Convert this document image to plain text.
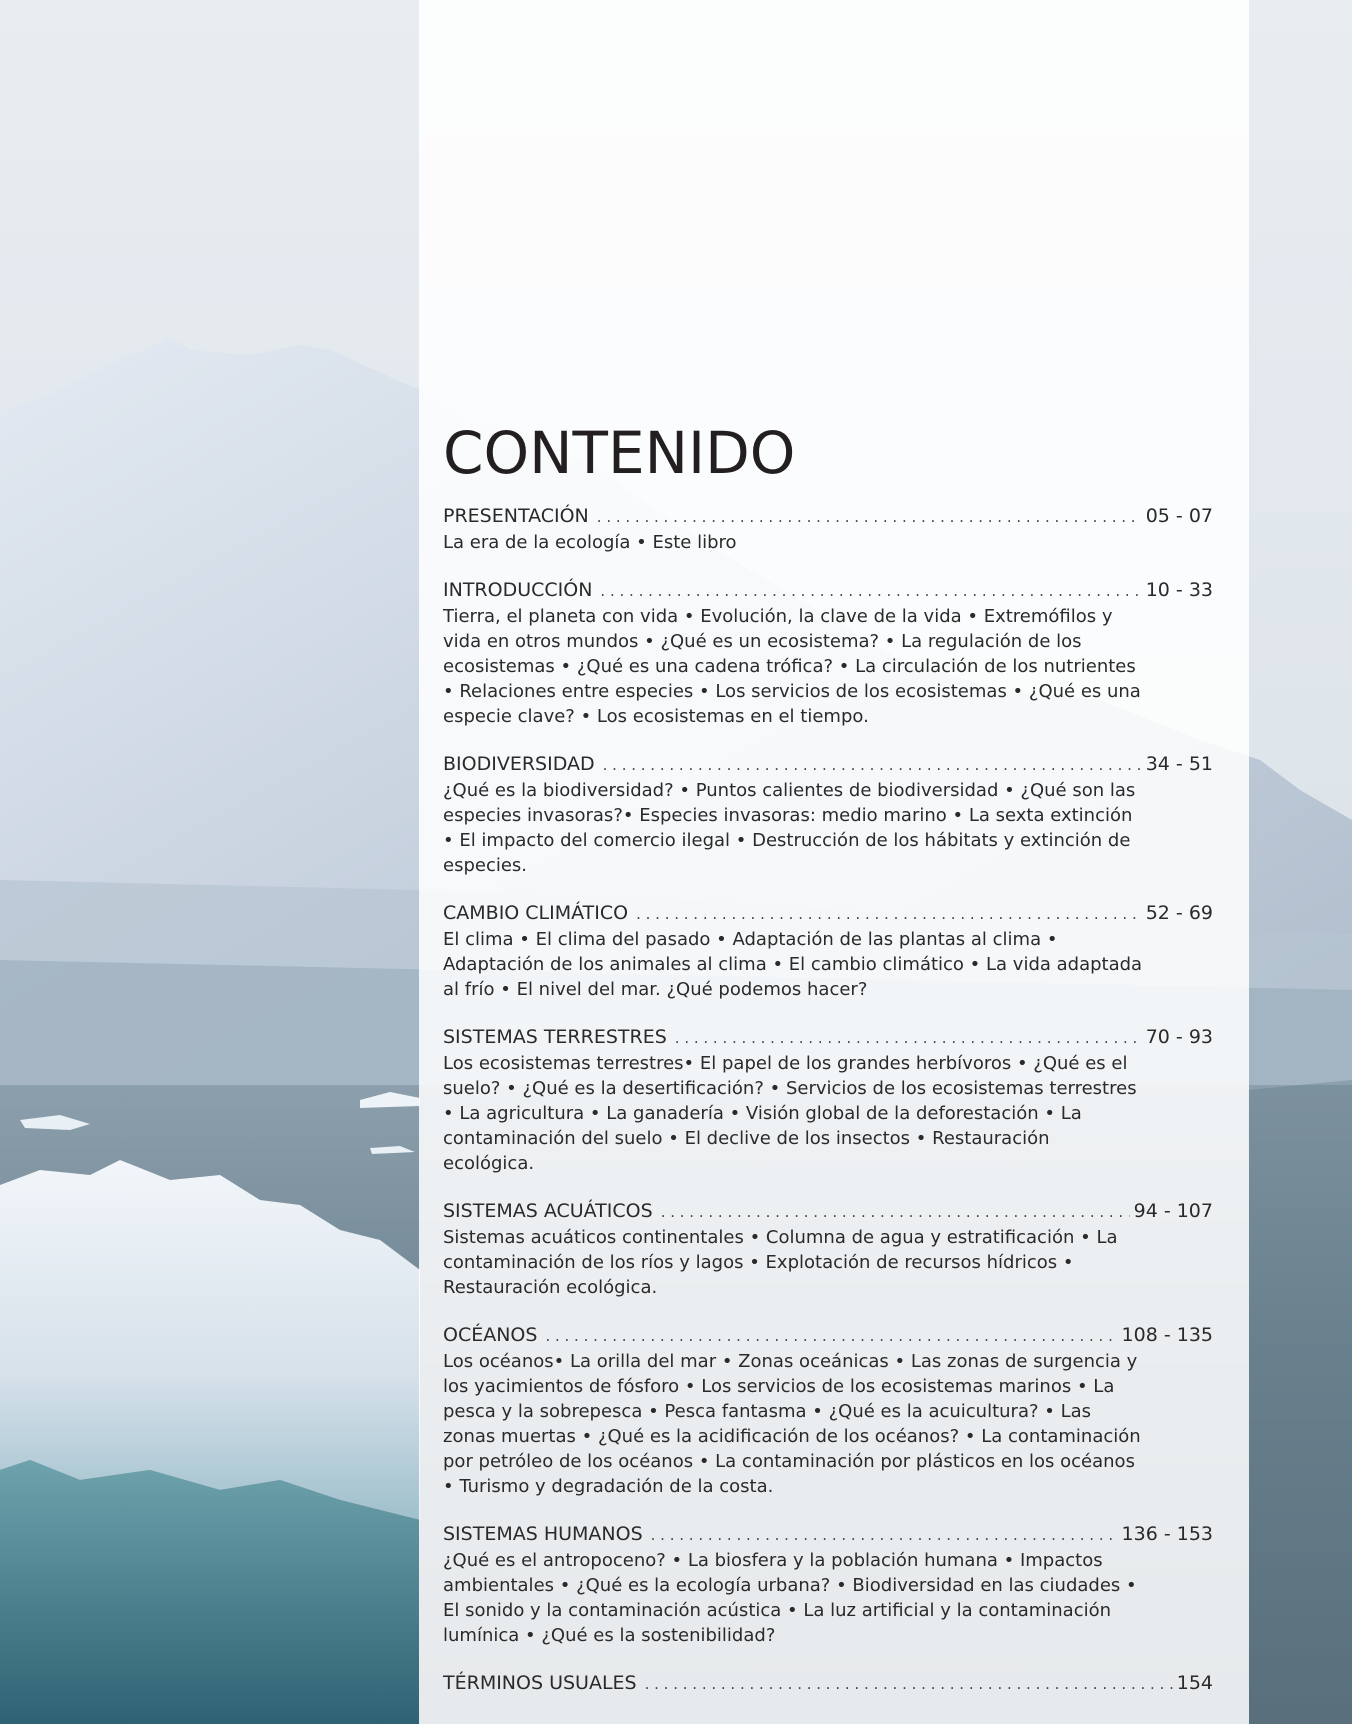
CONTENIDO
PRESENTACIÓN . . .	05 - 07
La era de la ecología • Este libro
INTRODUCCIÓN . . .	10 - 33
Tierra, el planeta con vida • Evolución, la clave de la vida • Extremófilos y vida en otros mundos • ¿Qué es un ecosistema? • La regulación de los ecosistemas • ¿Qué es una cadena trófica? • La circulación de los nutrientes • Relaciones entre especies • Los servicios de los ecosistemas • ¿Qué es una especie clave? • Los ecosistemas en el tiempo.
BIODIVERSIDAD . . .	34 - 51
¿Qué es la biodiversidad? • Puntos calientes de biodiversidad • ¿Qué son las especies invasoras?• Especies invasoras: medio marino • La sexta extinción • El impacto del comercio ilegal • Destrucción de los hábitats y extinción de especies.
CAMBIO CLIMÁTICO . . .	52 - 69
El clima • El clima del pasado • Adaptación de las plantas al clima • Adaptación de los animales al clima • El cambio climático • La vida adaptada al frío • El nivel del mar. ¿Qué podemos hacer?
SISTEMAS TERRESTRES . . .	70 - 93
Los ecosistemas terrestres• El papel de los grandes herbívoros • ¿Qué es el suelo? • ¿Qué es la desertificación? • Servicios de los ecosistemas terrestres • La agricultura • La ganadería • Visión global de la deforestación • La contaminación del suelo • El declive de los insectos • Restauración ecológica.
SISTEMAS ACUÁTICOS . . .	94 - 107
Sistemas acuáticos continentales • Columna de agua y estratificación • La contaminación de los ríos y lagos • Explotación de recursos hídricos • Restauración ecológica.
OCÉANOS . . .	108 - 135
Los océanos• La orilla del mar • Zonas oceánicas • Las zonas de surgencia y los yacimientos de fósforo • Los servicios de los ecosistemas marinos • La pesca y la sobrepesca • Pesca fantasma • ¿Qué es la acuicultura? • Las zonas muertas • ¿Qué es la acidificación de los océanos? • La contaminación por petróleo de los océanos • La contaminación por plásticos en los océanos • Turismo y degradación de la costa.
SISTEMAS HUMANOS . . .	136 - 153
¿Qué es el antropoceno? • La biosfera y la población humana • Impactos ambientales • ¿Qué es la ecología urbana? • Biodiversidad en las ciudades • El sonido y la contaminación acústica • La luz artificial y la contaminación lumínica • ¿Qué es la sostenibilidad?
TÉRMINOS USUALES . . .	154
